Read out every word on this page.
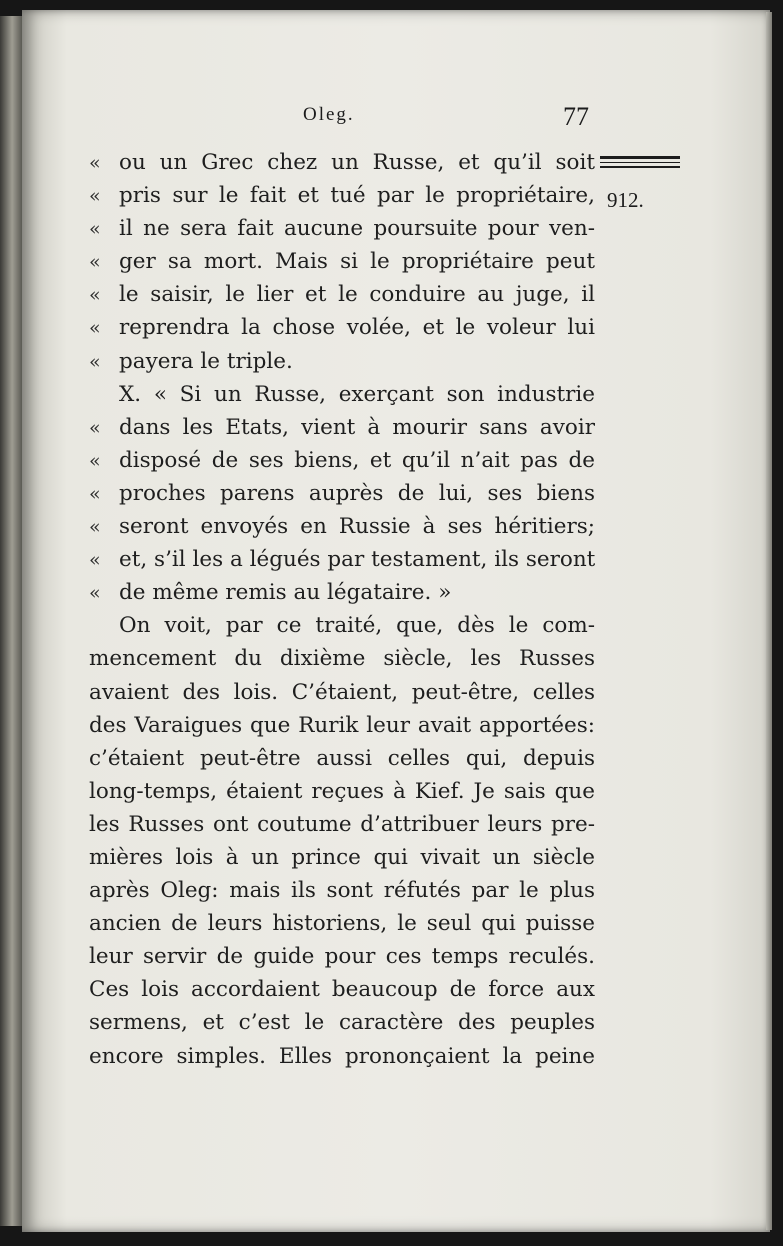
Oleg.	77
912.
« ou un Grec chez un Russe, et qu’il soit
« pris sur le fait et tué par le propriétaire,
« il ne sera fait aucune poursuite pour ven-
« ger sa mort. Mais si le propriétaire peut
« le saisir, le lier et le conduire au juge, il
« reprendra la chose volée, et le voleur lui
« payera le triple.
X. « Si un Russe, exerçant son industrie
« dans les Etats, vient à mourir sans avoir
« disposé de ses biens, et qu’il n’ait pas de
« proches parens auprès de lui, ses biens
« seront envoyés en Russie à ses héritiers;
« et, s’il les a légués par testament, ils seront
« de même remis au légataire. »
On voit, par ce traité, que, dès le com-
mencement du dixième siècle, les Russes
avaient des lois. C’étaient, peut-être, celles
des Varaigues que Rurik leur avait apportées:
c’étaient peut-être aussi celles qui, depuis
long-temps, étaient reçues à Kief. Je sais que
les Russes ont coutume d’attribuer leurs pre-
mières lois à un prince qui vivait un siècle
après Oleg: mais ils sont réfutés par le plus
ancien de leurs historiens, le seul qui puisse
leur servir de guide pour ces temps reculés.
Ces lois accordaient beaucoup de force aux
sermens, et c’est le caractère des peuples
encore simples. Elles prononçaient la peine
